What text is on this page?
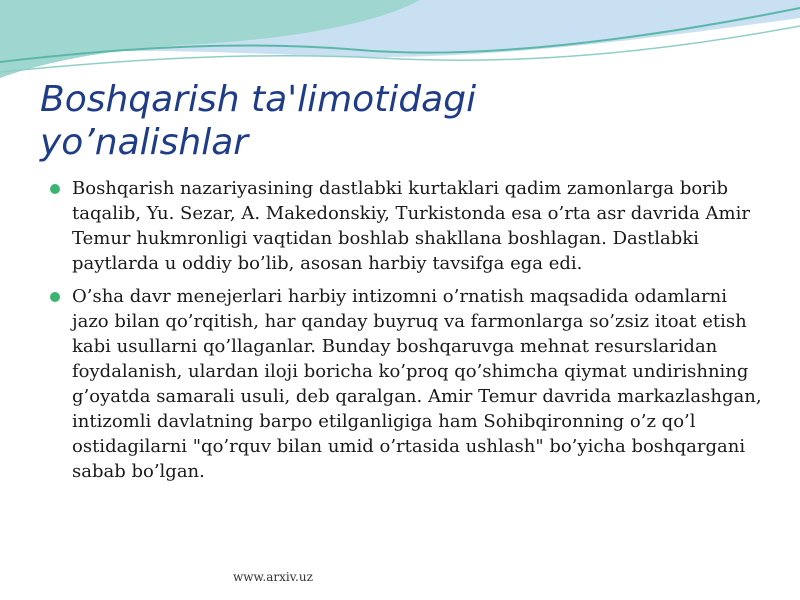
Boshqarish ta'limotidagi
yo’nalishlar
Boshqarish nazariyasining dastlabki kurtaklari qadim zamonlarga borib taqalib, Yu. Sezar, A. Makedonskiy, Turkistonda esa o’rta asr davrida Amir Temur hukmronligi vaqtidan boshlab shakllana boshlagan. Dastlabki paytlarda u oddiy bo’lib, asosan harbiy tavsifga ega edi.
O’sha davr menejerlari harbiy intizomni o’rnatish maqsadida odamlarni jazo bilan qo’rqitish, har qanday buyruq va farmonlarga so’zsiz itoat etish kabi usullarni qo’llaganlar. Bunday boshqaruvga mehnat resurslaridan foydalanish, ulardan iloji boricha ko’proq qo’shimcha qiymat undirishning g’oyatda samarali usuli, deb qaralgan. Amir Temur davrida markazlashgan, intizomli davlatning barpo etilganligiga ham Sohibqironning o’z qo’l ostidagilarni "qo’rquv bilan umid o’rtasida ushlash" bo’yicha boshqargani sabab bo’lgan.
www.arxiv.uz
